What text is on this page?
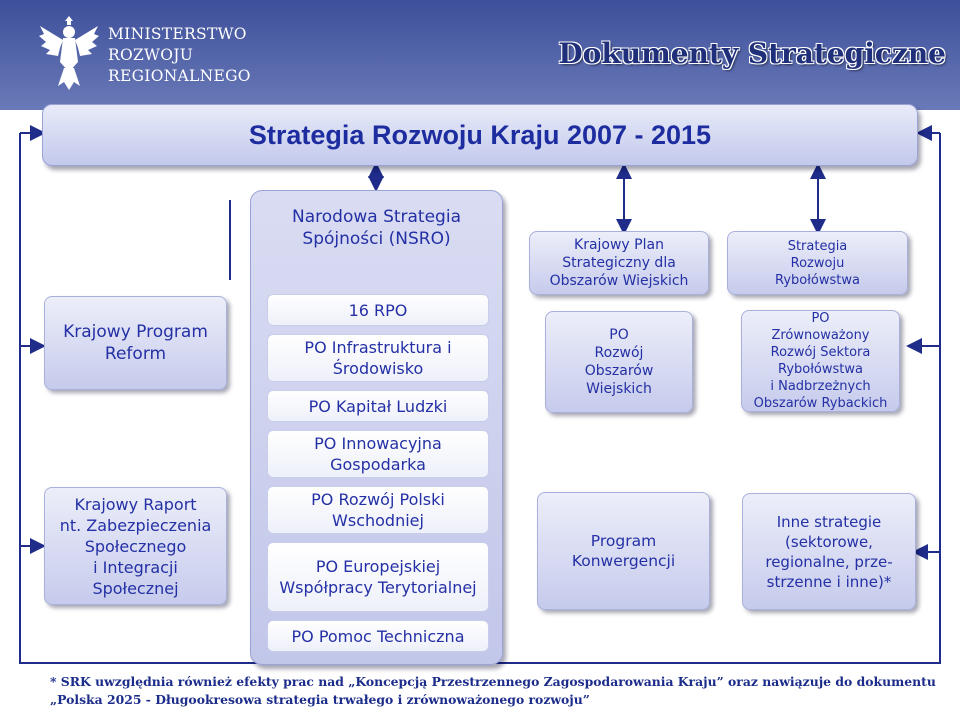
MINISTERSTWO
ROZWOJU
REGIONALNEGO
Dokumenty Strategiczne
Strategia Rozwoju Kraju 2007 - 2015
Krajowy Program
Reform
Krajowy Raport
nt. Zabezpieczenia
Społecznego
i Integracji
Społecznej
Narodowa Strategia
Spójności (NSRO)
16 RPO
PO Infrastruktura i Środowisko
PO Kapitał Ludzki
PO Innowacyjna Gospodarka
PO Rozwój Polski Wschodniej
PO Europejskiej Współpracy Terytorialnej
PO Pomoc Techniczna
Krajowy Plan
Strategiczny dla
Obszarów Wiejskich
PO
Rozwój
Obszarów
Wiejskich
Program
Konwergencji
Strategia
Rozwoju
Rybołówstwa
PO
Zrównoważony
Rozwój Sektora
Rybołówstwa
i Nadbrzeżnych
Obszarów Rybackich
Inne strategie
(sektorowe,
regionalne, prze-
strzenne i inne)*
* SRK uwzględnia również efekty prac nad „Koncepcją Przestrzennego Zagospodarowania Kraju” oraz nawiązuje do dokumentu
„Polska 2025 - Długookresowa strategia trwałego i zrównoważonego rozwoju”
